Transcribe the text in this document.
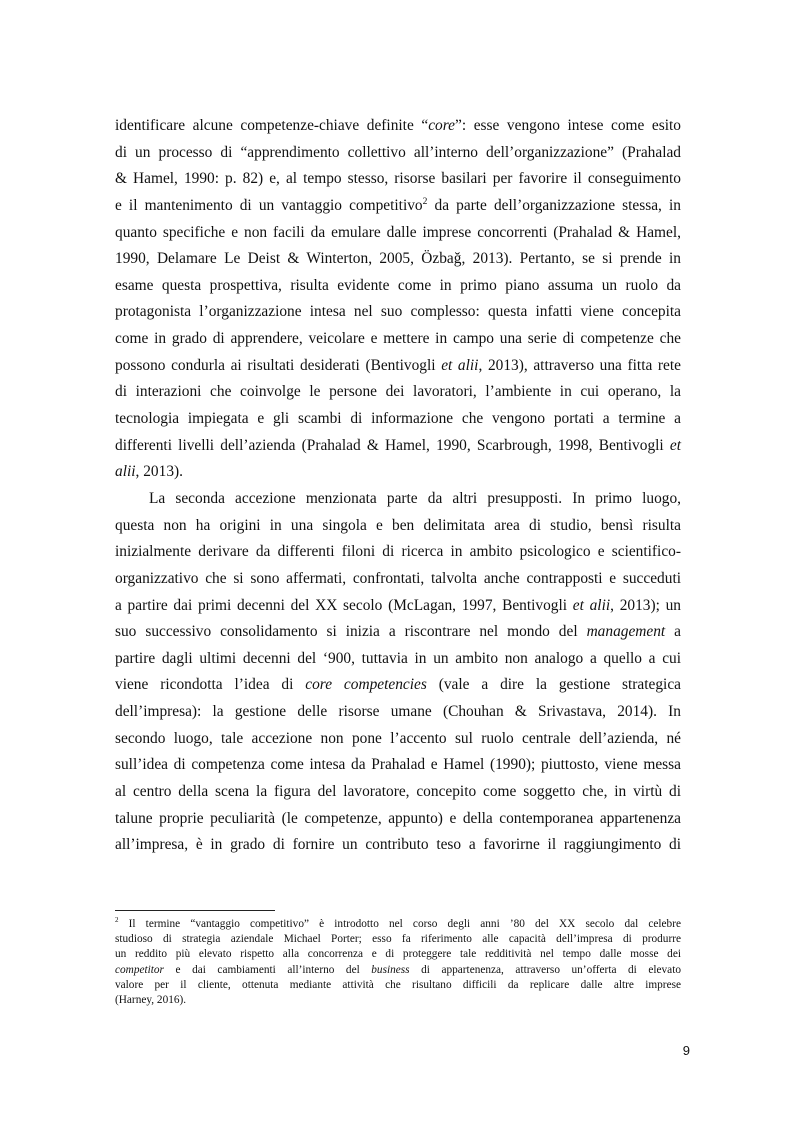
identificare alcune competenze-chiave definite “core”: esse vengono intese come esito
di un processo di “apprendimento collettivo all’interno dell’organizzazione” (Prahalad
& Hamel, 1990: p. 82) e, al tempo stesso, risorse basilari per favorire il conseguimento
e il mantenimento di un vantaggio competitivo$^2$ da parte dell’organizzazione stessa, in
quanto specifiche e non facili da emulare dalle imprese concorrenti (Prahalad & Hamel,
1990, Delamare Le Deist & Winterton, 2005, Özbağ, 2013). Pertanto, se si prende in
esame questa prospettiva, risulta evidente come in primo piano assuma un ruolo da
protagonista l’organizzazione intesa nel suo complesso: questa infatti viene concepita
come in grado di apprendere, veicolare e mettere in campo una serie di competenze che
possono condurla ai risultati desiderati (Bentivogli et alii, 2013), attraverso una fitta rete
di interazioni che coinvolge le persone dei lavoratori, l’ambiente in cui operano, la
tecnologia impiegata e gli scambi di informazione che vengono portati a termine a
differenti livelli dell’azienda (Prahalad & Hamel, 1990, Scarbrough, 1998, Bentivogli et
alii, 2013).
La seconda accezione menzionata parte da altri presupposti. In primo luogo,
questa non ha origini in una singola e ben delimitata area di studio, bensì risulta
inizialmente derivare da differenti filoni di ricerca in ambito psicologico e scientifico-
organizzativo che si sono affermati, confrontati, talvolta anche contrapposti e succeduti
a partire dai primi decenni del XX secolo (McLagan, 1997, Bentivogli et alii, 2013); un
suo successivo consolidamento si inizia a riscontrare nel mondo del management a
partire dagli ultimi decenni del ‘900, tuttavia in un ambito non analogo a quello a cui
viene ricondotta l’idea di core competencies (vale a dire la gestione strategica
dell’impresa): la gestione delle risorse umane (Chouhan & Srivastava, 2014). In
secondo luogo, tale accezione non pone l’accento sul ruolo centrale dell’azienda, né
sull’idea di competenza come intesa da Prahalad e Hamel (1990); piuttosto, viene messa
al centro della scena la figura del lavoratore, concepito come soggetto che, in virtù di
talune proprie peculiarità (le competenze, appunto) e della contemporanea appartenenza
all’impresa, è in grado di fornire un contributo teso a favorirne il raggiungimento di
$^2$ Il termine “vantaggio competitivo” è introdotto nel corso degli anni ’80 del XX secolo dal celebre
studioso di strategia aziendale Michael Porter; esso fa riferimento alle capacità dell’impresa di produrre
un reddito più elevato rispetto alla concorrenza e di proteggere tale redditività nel tempo dalle mosse dei
competitor e dai cambiamenti all’interno del business di appartenenza, attraverso un’offerta di elevato
valore per il cliente, ottenuta mediante attività che risultano difficili da replicare dalle altre imprese
(Harney, 2016).
9
